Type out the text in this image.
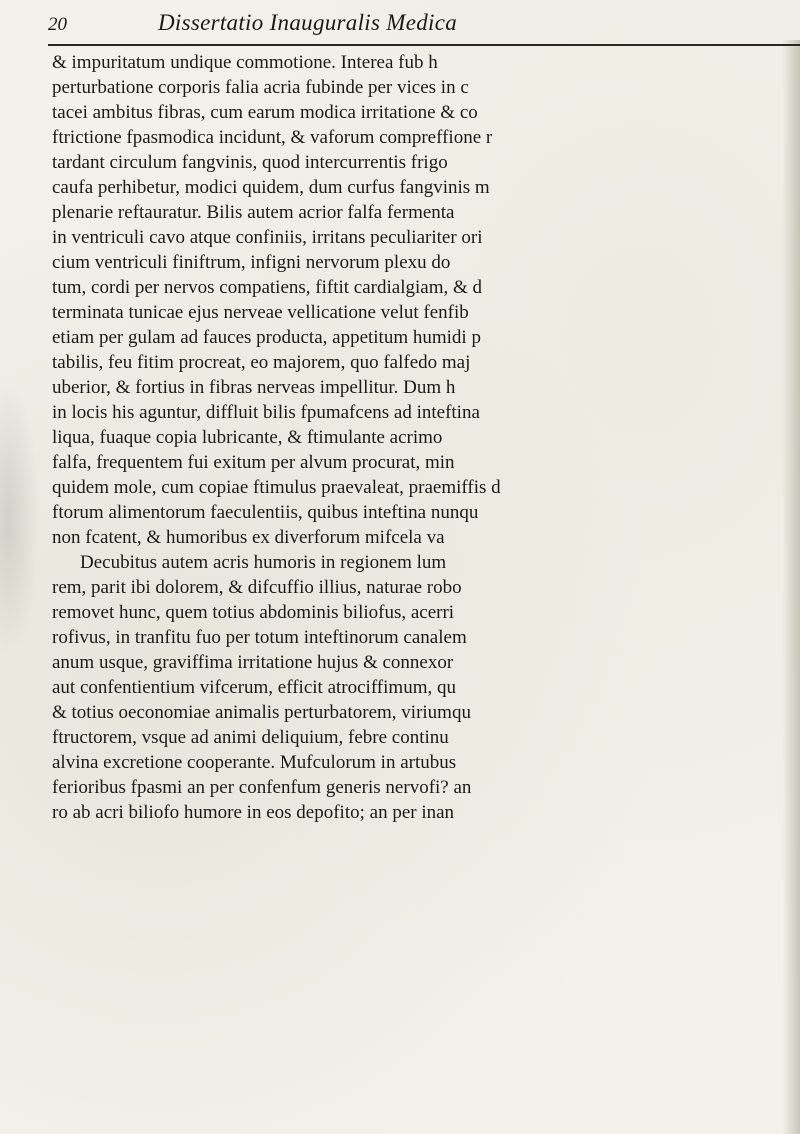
20	Dissertatio Inauguralis Medica
& impuritatum undique commotione. Interea fub h
perturbatione corporis falia acria fubinde per vices in c
tacei ambitus fibras, cum earum modica irritatione & co
ftrictione fpasmodica incidunt, & vaforum compreffione r
tardant circulum fangvinis, quod intercurrentis frigo
caufa perhibetur, modici quidem, dum curfus fangvinis m
plenarie reftauratur. Bilis autem acrior falfa fermenta
in ventriculi cavo atque confiniis, irritans peculiariter ori
cium ventriculi finiftrum, infigni nervorum plexu do
tum, cordi per nervos compatiens, fiftit cardialgiam, & d
terminata tunicae ejus nerveae vellicatione velut fenfib
etiam per gulam ad fauces producta, appetitum humidi p
tabilis, feu fitim procreat, eo majorem, quo falfedo maj
uberior, & fortius in fibras nerveas impellitur. Dum h
in locis his aguntur, diffluit bilis fpumafcens ad inteftina
liqua, fuaque copia lubricante, & ftimulante acrimo
falfa, frequentem fui exitum per alvum procurat, min
quidem mole, cum copiae ftimulus praevaleat, praemiffis d
ftorum alimentorum faeculentiis, quibus inteftina nunqu
non fcatent, & humoribus ex diverforum mifcela va
Decubitus autem acris humoris in regionem lum
rem, parit ibi dolorem, & difcuffio illius, naturae robo
removet hunc, quem totius abdominis biliofus, acerri
rofivus, in tranfitu fuo per totum inteftinorum canalem
anum usque, graviffima irritatione hujus & connexor
aut confentientium vifcerum, efficit atrociffimum, qu
& totius oeconomiae animalis perturbatorem, viriumqu
ftructorem, vsque ad animi deliquium, febre continu
alvina excretione cooperante. Mufculorum in artubus
ferioribus fpasmi an per confenfum generis nervofi? an
ro ab acri biliofo humore in eos depofito; an per inan
